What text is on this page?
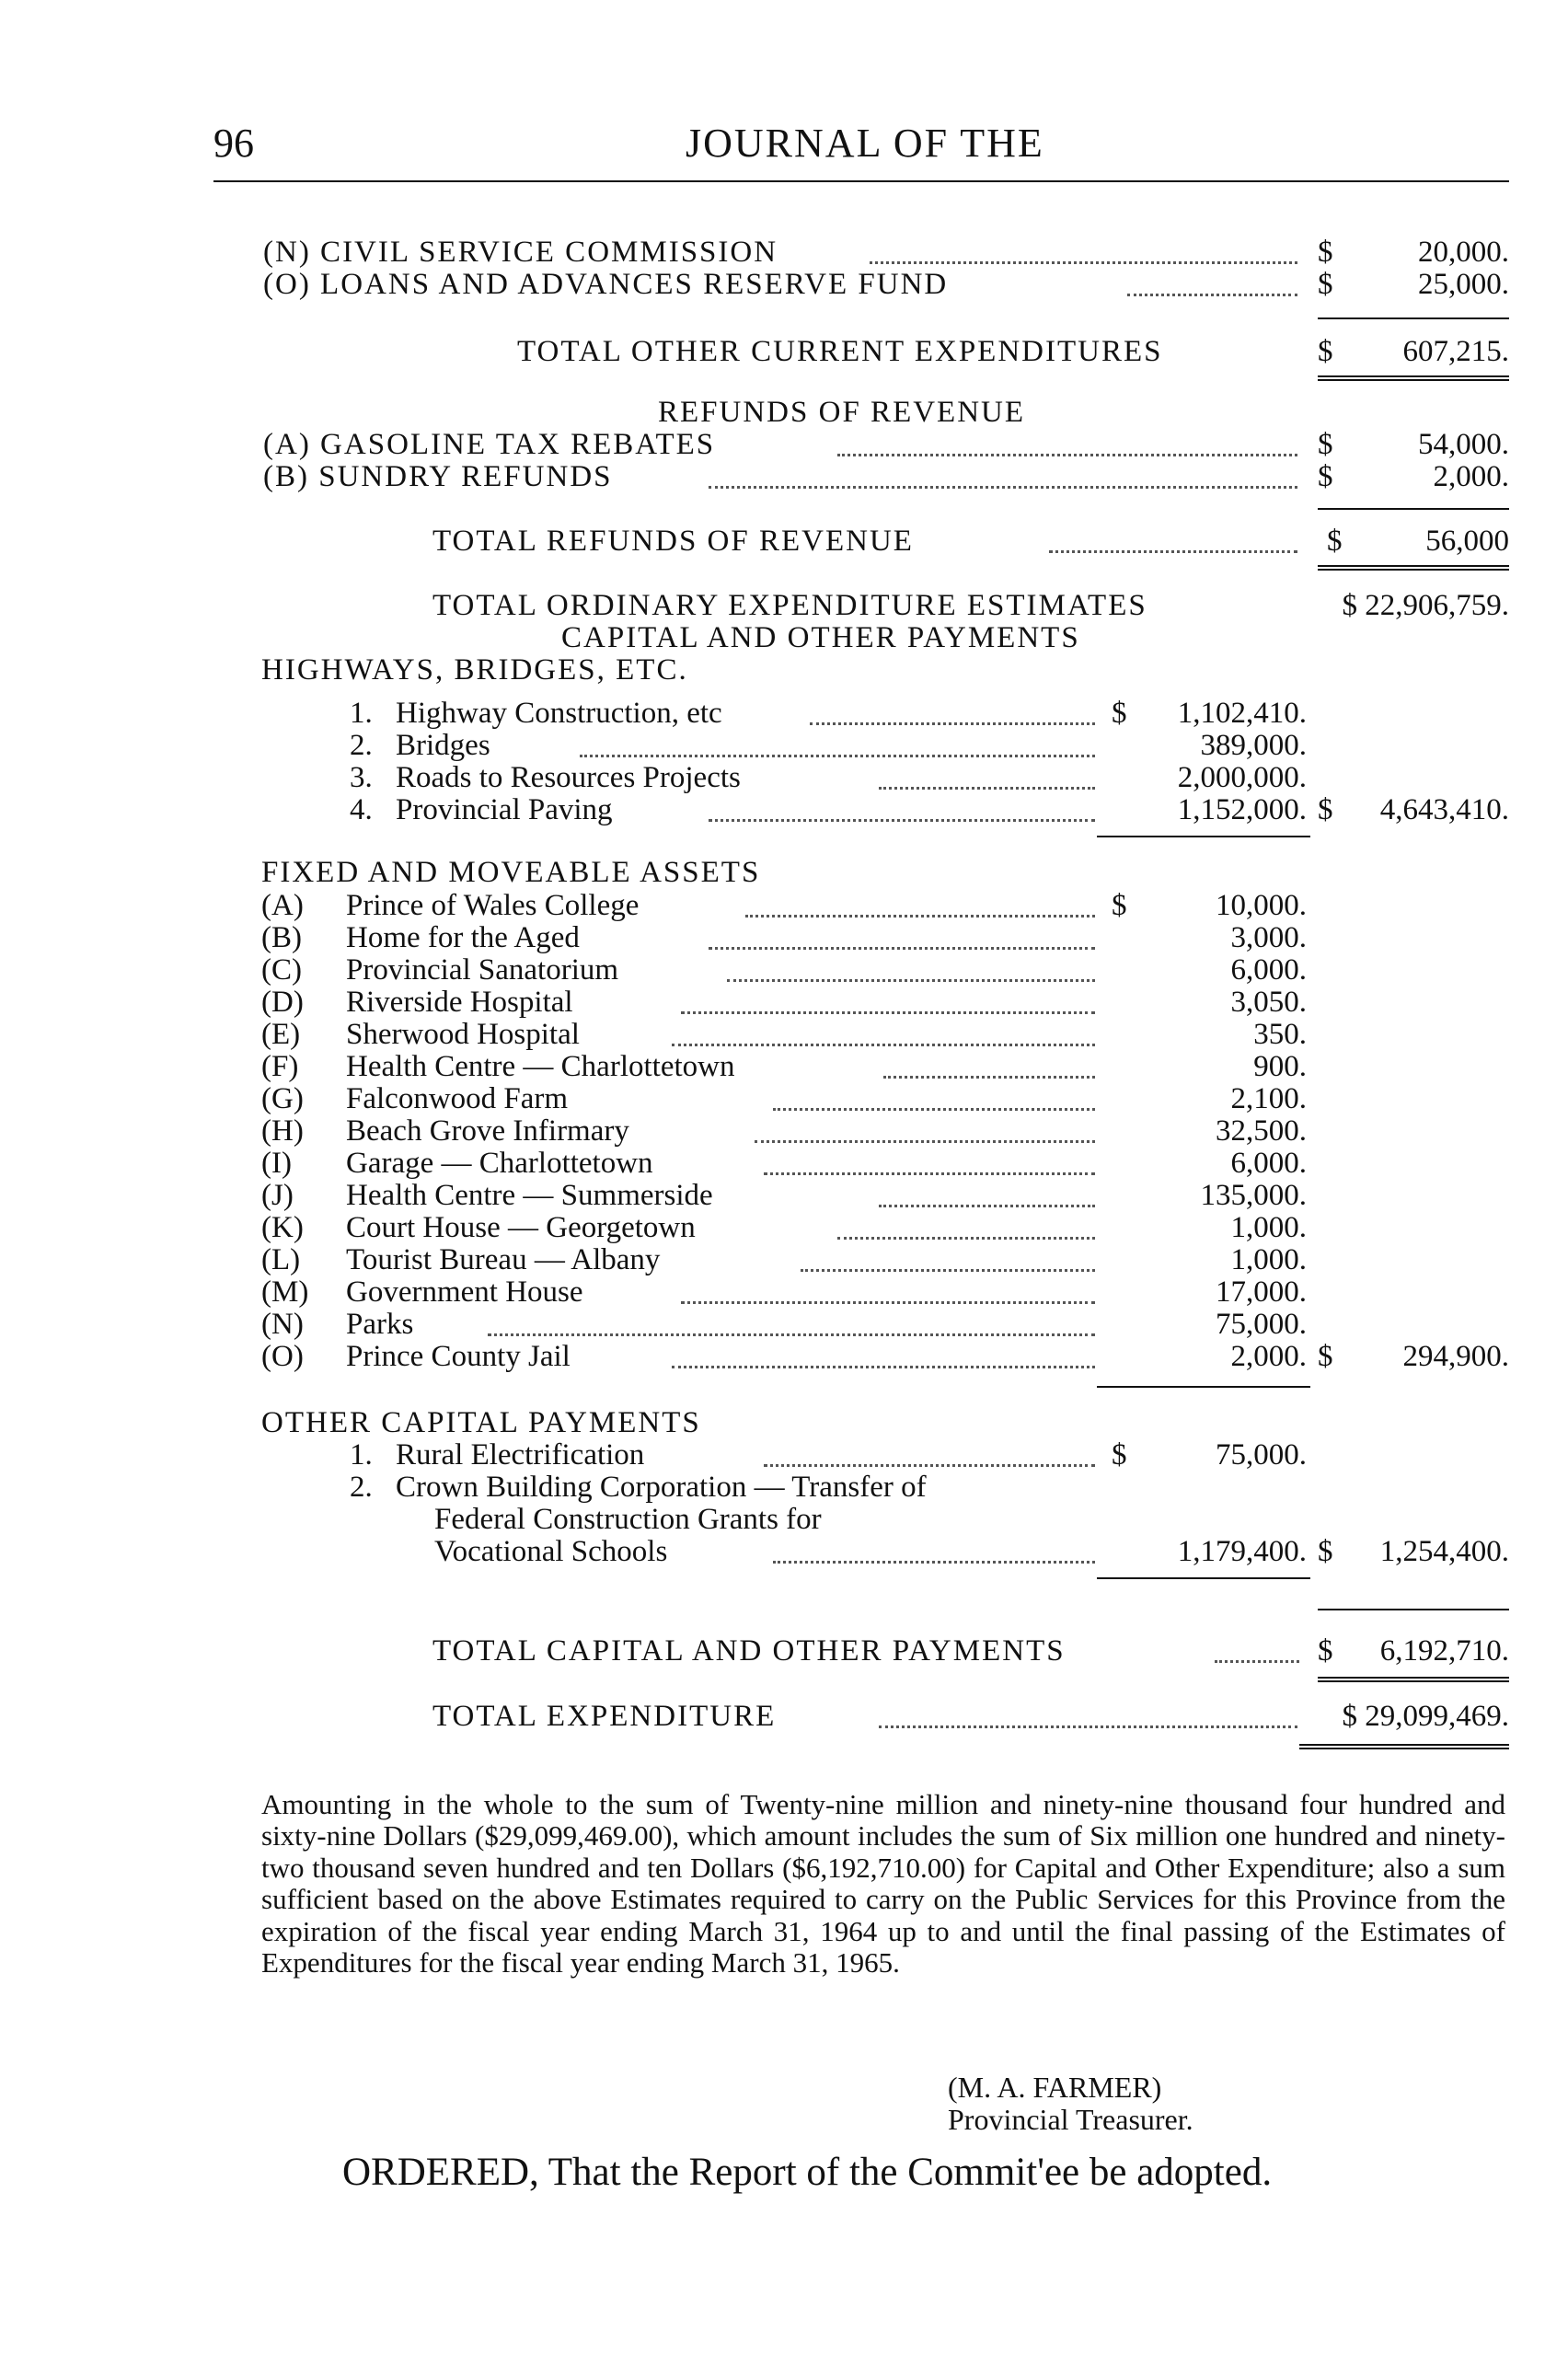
96	JOURNAL OF THE
(N) CIVIL SERVICE COMMISSION	$	20,000.
(O) LOANS AND ADVANCES RESERVE FUND	$	25,000.
TOTAL OTHER CURRENT EXPENDITURES	$	607,215.
REFUNDS OF REVENUE
(A) GASOLINE TAX REBATES	$	54,000.
(B) SUNDRY REFUNDS	$	2,000.
TOTAL REFUNDS OF REVENUE	$	56,000
TOTAL ORDINARY EXPENDITURE ESTIMATES	$ 22,906,759.
CAPITAL AND OTHER PAYMENTS
HIGHWAYS, BRIDGES, ETC.
1. Highway Construction, etc	$	1,102,410.
2. Bridges	389,000.
3. Roads to Resources Projects	2,000,000.
4. Provincial Paving	1,152,000. $	4,643,410.
FIXED AND MOVEABLE ASSETS
(A) Prince of Wales College	$	10,000.
(B) Home for the Aged	3,000.
(C) Provincial Sanatorium	6,000.
(D) Riverside Hospital	3,050.
(E) Sherwood Hospital	350.
(F) Health Centre — Charlottetown	900.
(G) Falconwood Farm	2,100.
(H) Beach Grove Infirmary	32,500.
(I) Garage — Charlottetown	6,000.
(J) Health Centre — Summerside	135,000.
(K) Court House — Georgetown	1,000.
(L) Tourist Bureau — Albany	1,000.
(M) Government House	17,000.
(N) Parks	75,000.
(O) Prince County Jail	2,000. $	294,900.
OTHER CAPITAL PAYMENTS
1. Rural Electrification	$	75,000.
2. Crown Building Corporation — Transfer of
Federal Construction Grants for
Vocational Schools	1,179,400. $	1,254,400.
TOTAL CAPITAL AND OTHER PAYMENTS	$	6,192,710.
TOTAL EXPENDITURE	$ 29,099,469.
Amounting in the whole to the sum of Twenty-nine million and ninety-nine thousand four hundred and sixty-nine Dollars ($29,099,469.00), which amount includes the sum of Six million one hundred and ninety-two thousand seven hundred and ten Dollars ($6,192,710.00) for Capital and Other Expenditure; also a sum sufficient based on the above Estimates required to carry on the Public Services for this Province from the expiration of the fiscal year ending March 31, 1964 up to and until the final passing of the Estimates of Expenditures for the fiscal year ending March 31, 1965.
(M. A. FARMER)
Provincial Treasurer.
ORDERED, That the Report of the Commit'ee be adopted.
